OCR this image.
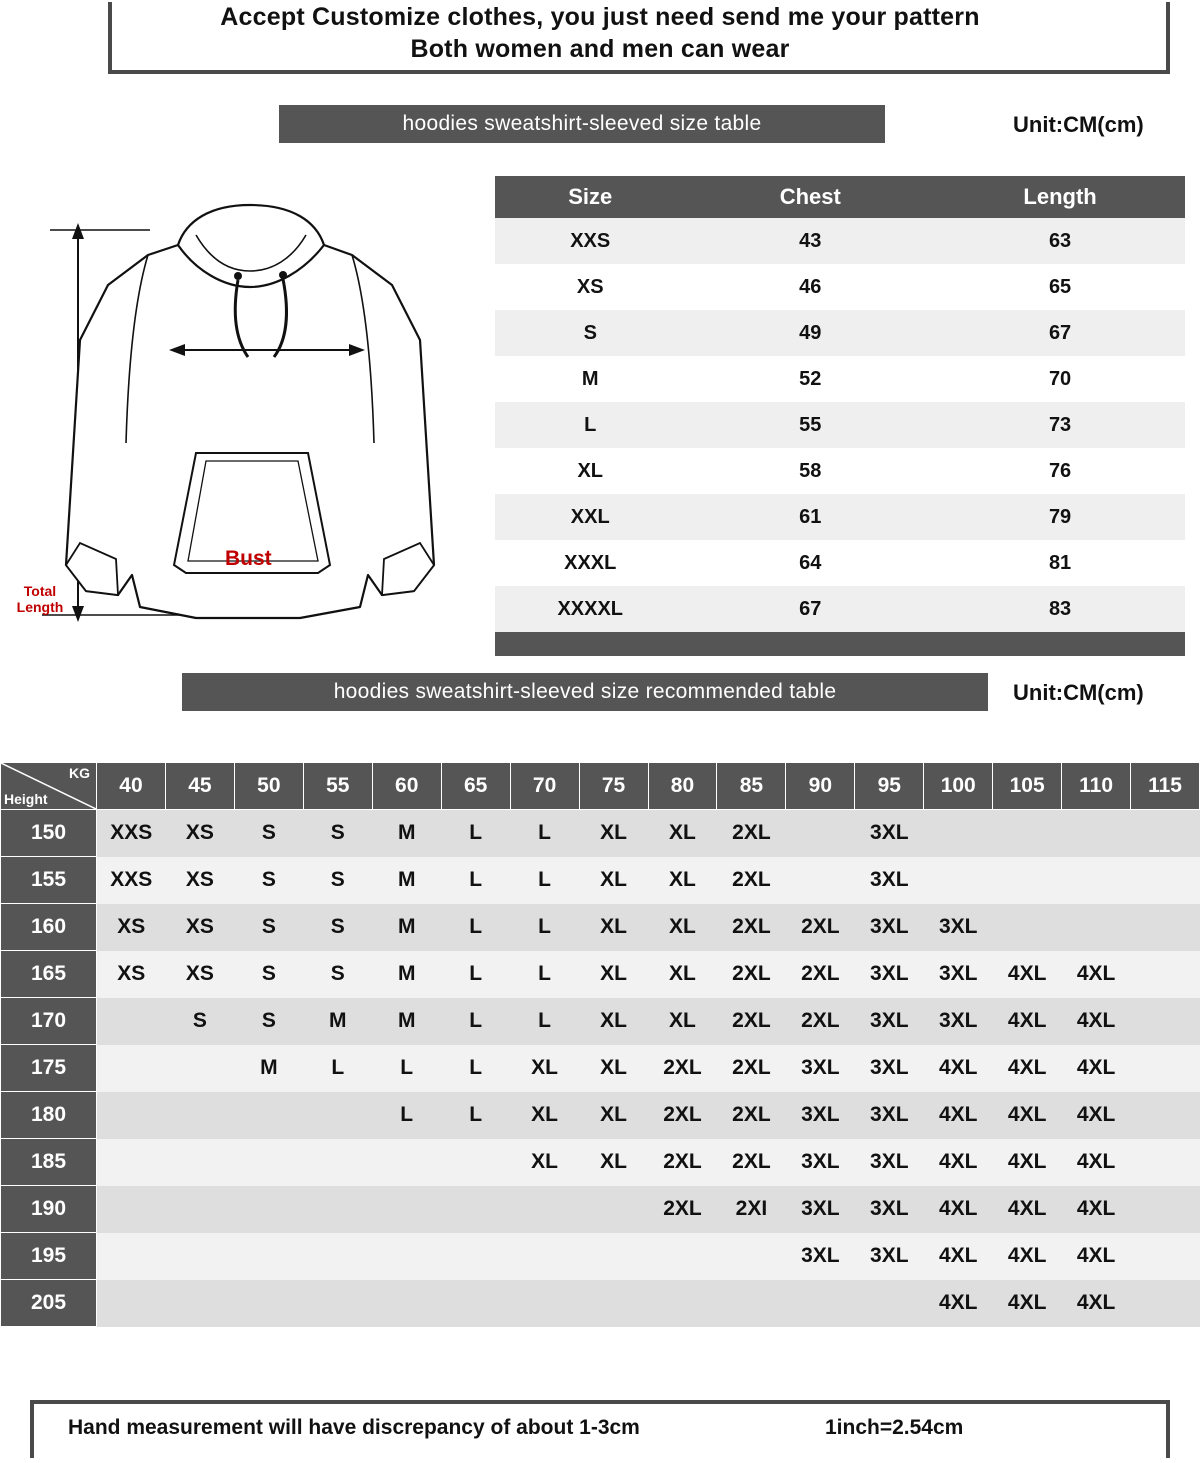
Accept Customize clothes, you just need send me your pattern
Both women and men can wear
hoodies sweatshirt-sleeved size table	Unit:CM(cm)
Total
Length
Bust
Size	Chest	Length
XXS	43	63
XS	46	65
S	49	67
M	52	70
L	55	73
XL	58	76
XXL	61	79
XXXL	64	81
XXXXL	67	83

hoodies sweatshirt-sleeved size recommended table	Unit:CM(cm)
KG
Height	40	45	50	55	60	65	70	75	80	85	90	95	100	105	110	115
150	XXS	XS	S	S	M	L	L	XL	XL	2XL		3XL				
155	XXS	XS	S	S	M	L	L	XL	XL	2XL		3XL				
160	XS	XS	S	S	M	L	L	XL	XL	2XL	2XL	3XL	3XL			
165	XS	XS	S	S	M	L	L	XL	XL	2XL	2XL	3XL	3XL	4XL	4XL	
170		S	S	M	M	L	L	XL	XL	2XL	2XL	3XL	3XL	4XL	4XL	
175			M	L	L	L	XL	XL	2XL	2XL	3XL	3XL	4XL	4XL	4XL	
180					L	L	XL	XL	2XL	2XL	3XL	3XL	4XL	4XL	4XL	
185							XL	XL	2XL	2XL	3XL	3XL	4XL	4XL	4XL	
190									2XL	2XI	3XL	3XL	4XL	4XL	4XL	
195											3XL	3XL	4XL	4XL	4XL	
205													4XL	4XL	4XL	
Hand measurement will have discrepancy of about 1-3cm	1inch=2.54cm
